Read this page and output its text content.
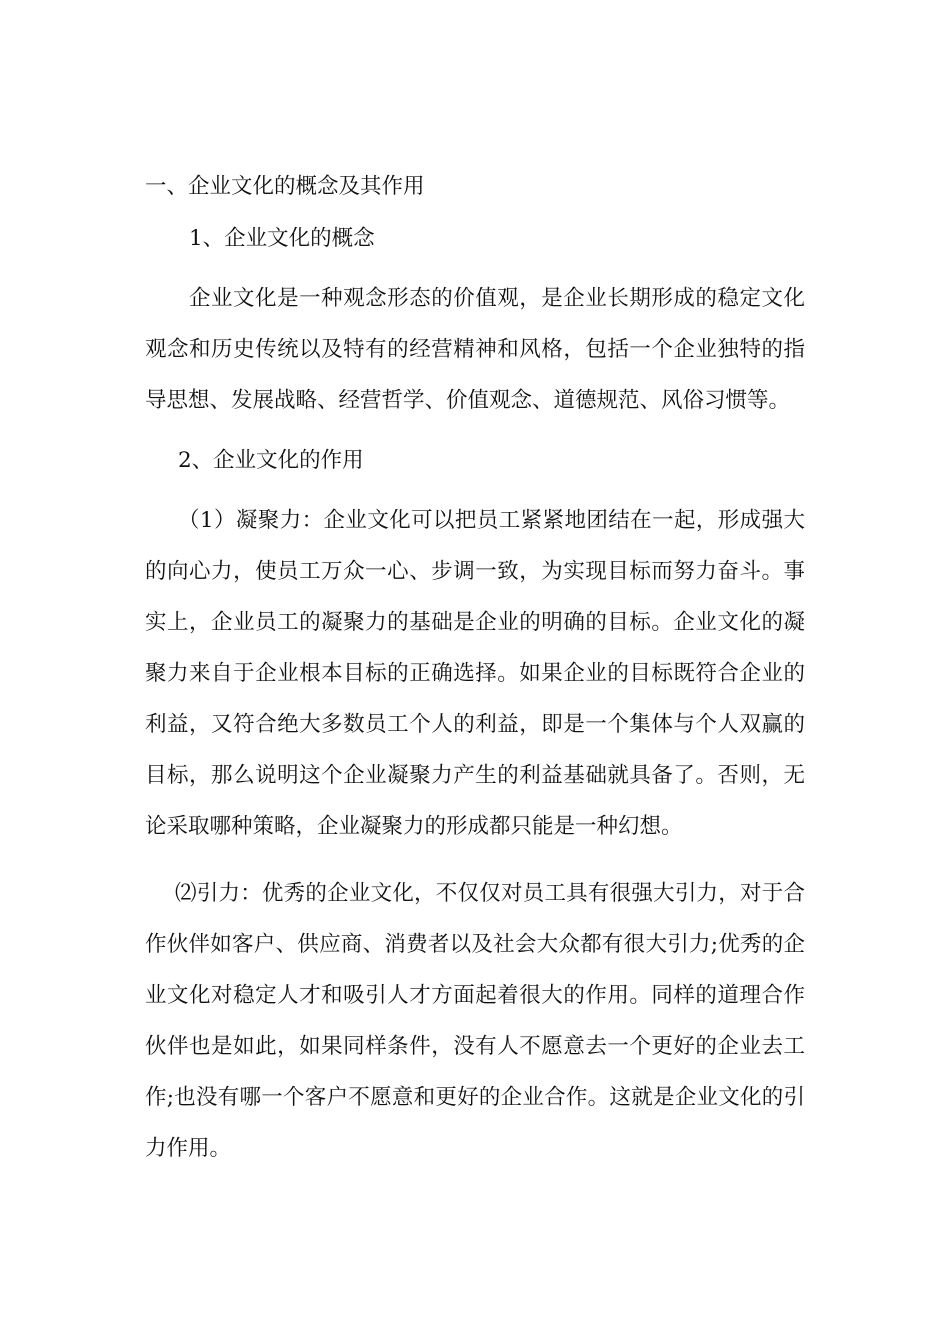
一、企业文化的概念及其作用

1、企业文化的概念

企业文化是一种观念形态的价值观，是企业长期形成的稳定文化观念和历史传统以及特有的经营精神和风格，包括一个企业独特的指导思想、发展战略、经营哲学、价值观念、道德规范、风俗习惯等。

2、企业文化的作用

（1）凝聚力：企业文化可以把员工紧紧地团结在一起，形成强大的向心力，使员工万众一心、步调一致，为实现目标而努力奋斗。事实上，企业员工的凝聚力的基础是企业的明确的目标。企业文化的凝聚力来自于企业根本目标的正确选择。如果企业的目标既符合企业的利益，又符合绝大多数员工个人的利益，即是一个集体与个人双赢的目标，那么说明这个企业凝聚力产生的利益基础就具备了。否则，无论采取哪种策略，企业凝聚力的形成都只能是一种幻想。

⑵引力：优秀的企业文化，不仅仅对员工具有很强大引力，对于合作伙伴如客户、供应商、消费者以及社会大众都有很大引力;优秀的企业文化对稳定人才和吸引人才方面起着很大的作用。同样的道理合作伙伴也是如此，如果同样条件，没有人不愿意去一个更好的企业去工作;也没有哪一个客户不愿意和更好的企业合作。这就是企业文化的引力作用。
